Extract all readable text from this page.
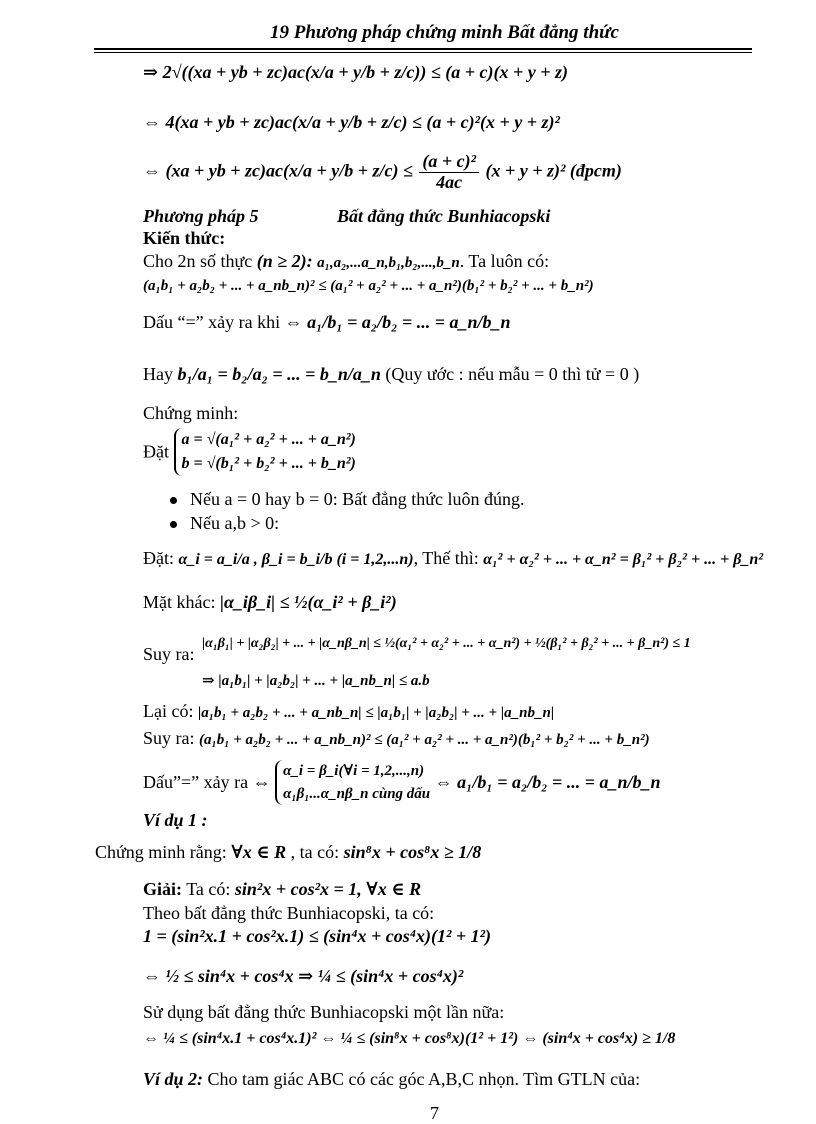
19 Phương pháp chứng minh Bất đẳng thức
⇒ 2√((xa + yb + zc)ac(x/a + y/b + z/c)) ≤ (a + c)(x + y + z)
⇔ 4(xa + yb + zc)ac(x/a + y/b + z/c) ≤ (a + c)²(x + y + z)²
⇔ (xa + yb + $zc)ac(x/a + y/b + z/c) \le \frac{\text{(a + c)²}}{4ac} (x + y + z)^2$ (đpcm)
Phương pháp 5	Bất đẳng thức Bunhiacopski
Kiến thức:
Cho 2n số thực (n ≥ 2): a₁,a₂,...a_n,b₁,b₂,...,b_n. Ta luôn có:
(a₁b₁ + a₂b₂ + ... + a_nb_n)² ≤ (a₁² + a₂² + ... + a_n²)(b₁² + b₂² + ... + b_n²)
Dấu “=” xảy ra khi ⇔ a₁/b₁ = a₂/b₂ = ... = a_n/b_n
Hay b₁/a₁ = b₂/a₂ = ... = b_n/a_n (Quy ước : nếu mẫu = 0 thì tử = 0 )
Chứng minh:
Đặt
a = √(a₁² + a₂² + ... + a_n²)
b = √(b₁² + b₂² + ... + b_n²)
Nếu a = 0 hay b = 0: Bất đẳng thức luôn đúng.
Nếu a,b > 0:
Đặt: α_i = a_i/a , β_i = b_i/b (i = 1,2,...n), Thế thì: α₁² + α₂² + ... + α_n² = β₁² + β₂² + ... + β_n²
Mặt khác: |α_iβ_i| ≤ ½(α_i² + β_i²)
Suy ra:
|α₁β₁| + |α₂β₂| + ... + |α_nβ_n| ≤ ½(α₁² + α₂² + ... + α_n²) + ½(β₁² + β₂² + ... + β_n²) ≤ 1
⇒ |a₁b₁| + |a₂b₂| + ... + |a_nb_n| ≤ a.b
Lại có: |a₁b₁ + a₂b₂ + ... + a_nb_n| ≤ |a₁b₁| + |a₂b₂| + ... + |a_nb_n|
Suy ra: (a₁b₁ + a₂b₂ + ... + a_nb_n)² ≤ (a₁² + a₂² + ... + a_n²)(b₁² + b₂² + ... + b_n²)
Dấu”=” xảy ra ⇔
α_i = β_i(∀i = 1,2,...,n)
α₁β₁...α_nβ_n cùng dấu
⇔ a₁/b₁ = a₂/b₂ = ... = a_n/b_n
Ví dụ 1 :
Chứng minh rằng: ∀x ∈ R , ta có: sin⁸x + cos⁸x ≥ 1/8
Giải: Ta có: sin²x + cos²x = 1, ∀x ∈ R
Theo bất đẳng thức Bunhiacopski, ta có:
1 = (sin²x.1 + cos²x.1) ≤ (sin⁴x + cos⁴x)(1² + 1²)
⇔ ½ ≤ sin⁴x + cos⁴x ⇒ ¼ ≤ (sin⁴x + cos⁴x)²
Sử dụng bất đẳng thức Bunhiacopski một lần nữa:
⇔ ¼ ≤ (sin⁴x.1 + cos⁴x.1)² ⇔ ¼ ≤ (sin⁸x + cos⁸x)(1² + 1²) ⇔ (sin⁴x + cos⁴x) ≥ 1/8
Ví dụ 2: Cho tam giác ABC có các góc A,B,C nhọn. Tìm GTLN của:
7
